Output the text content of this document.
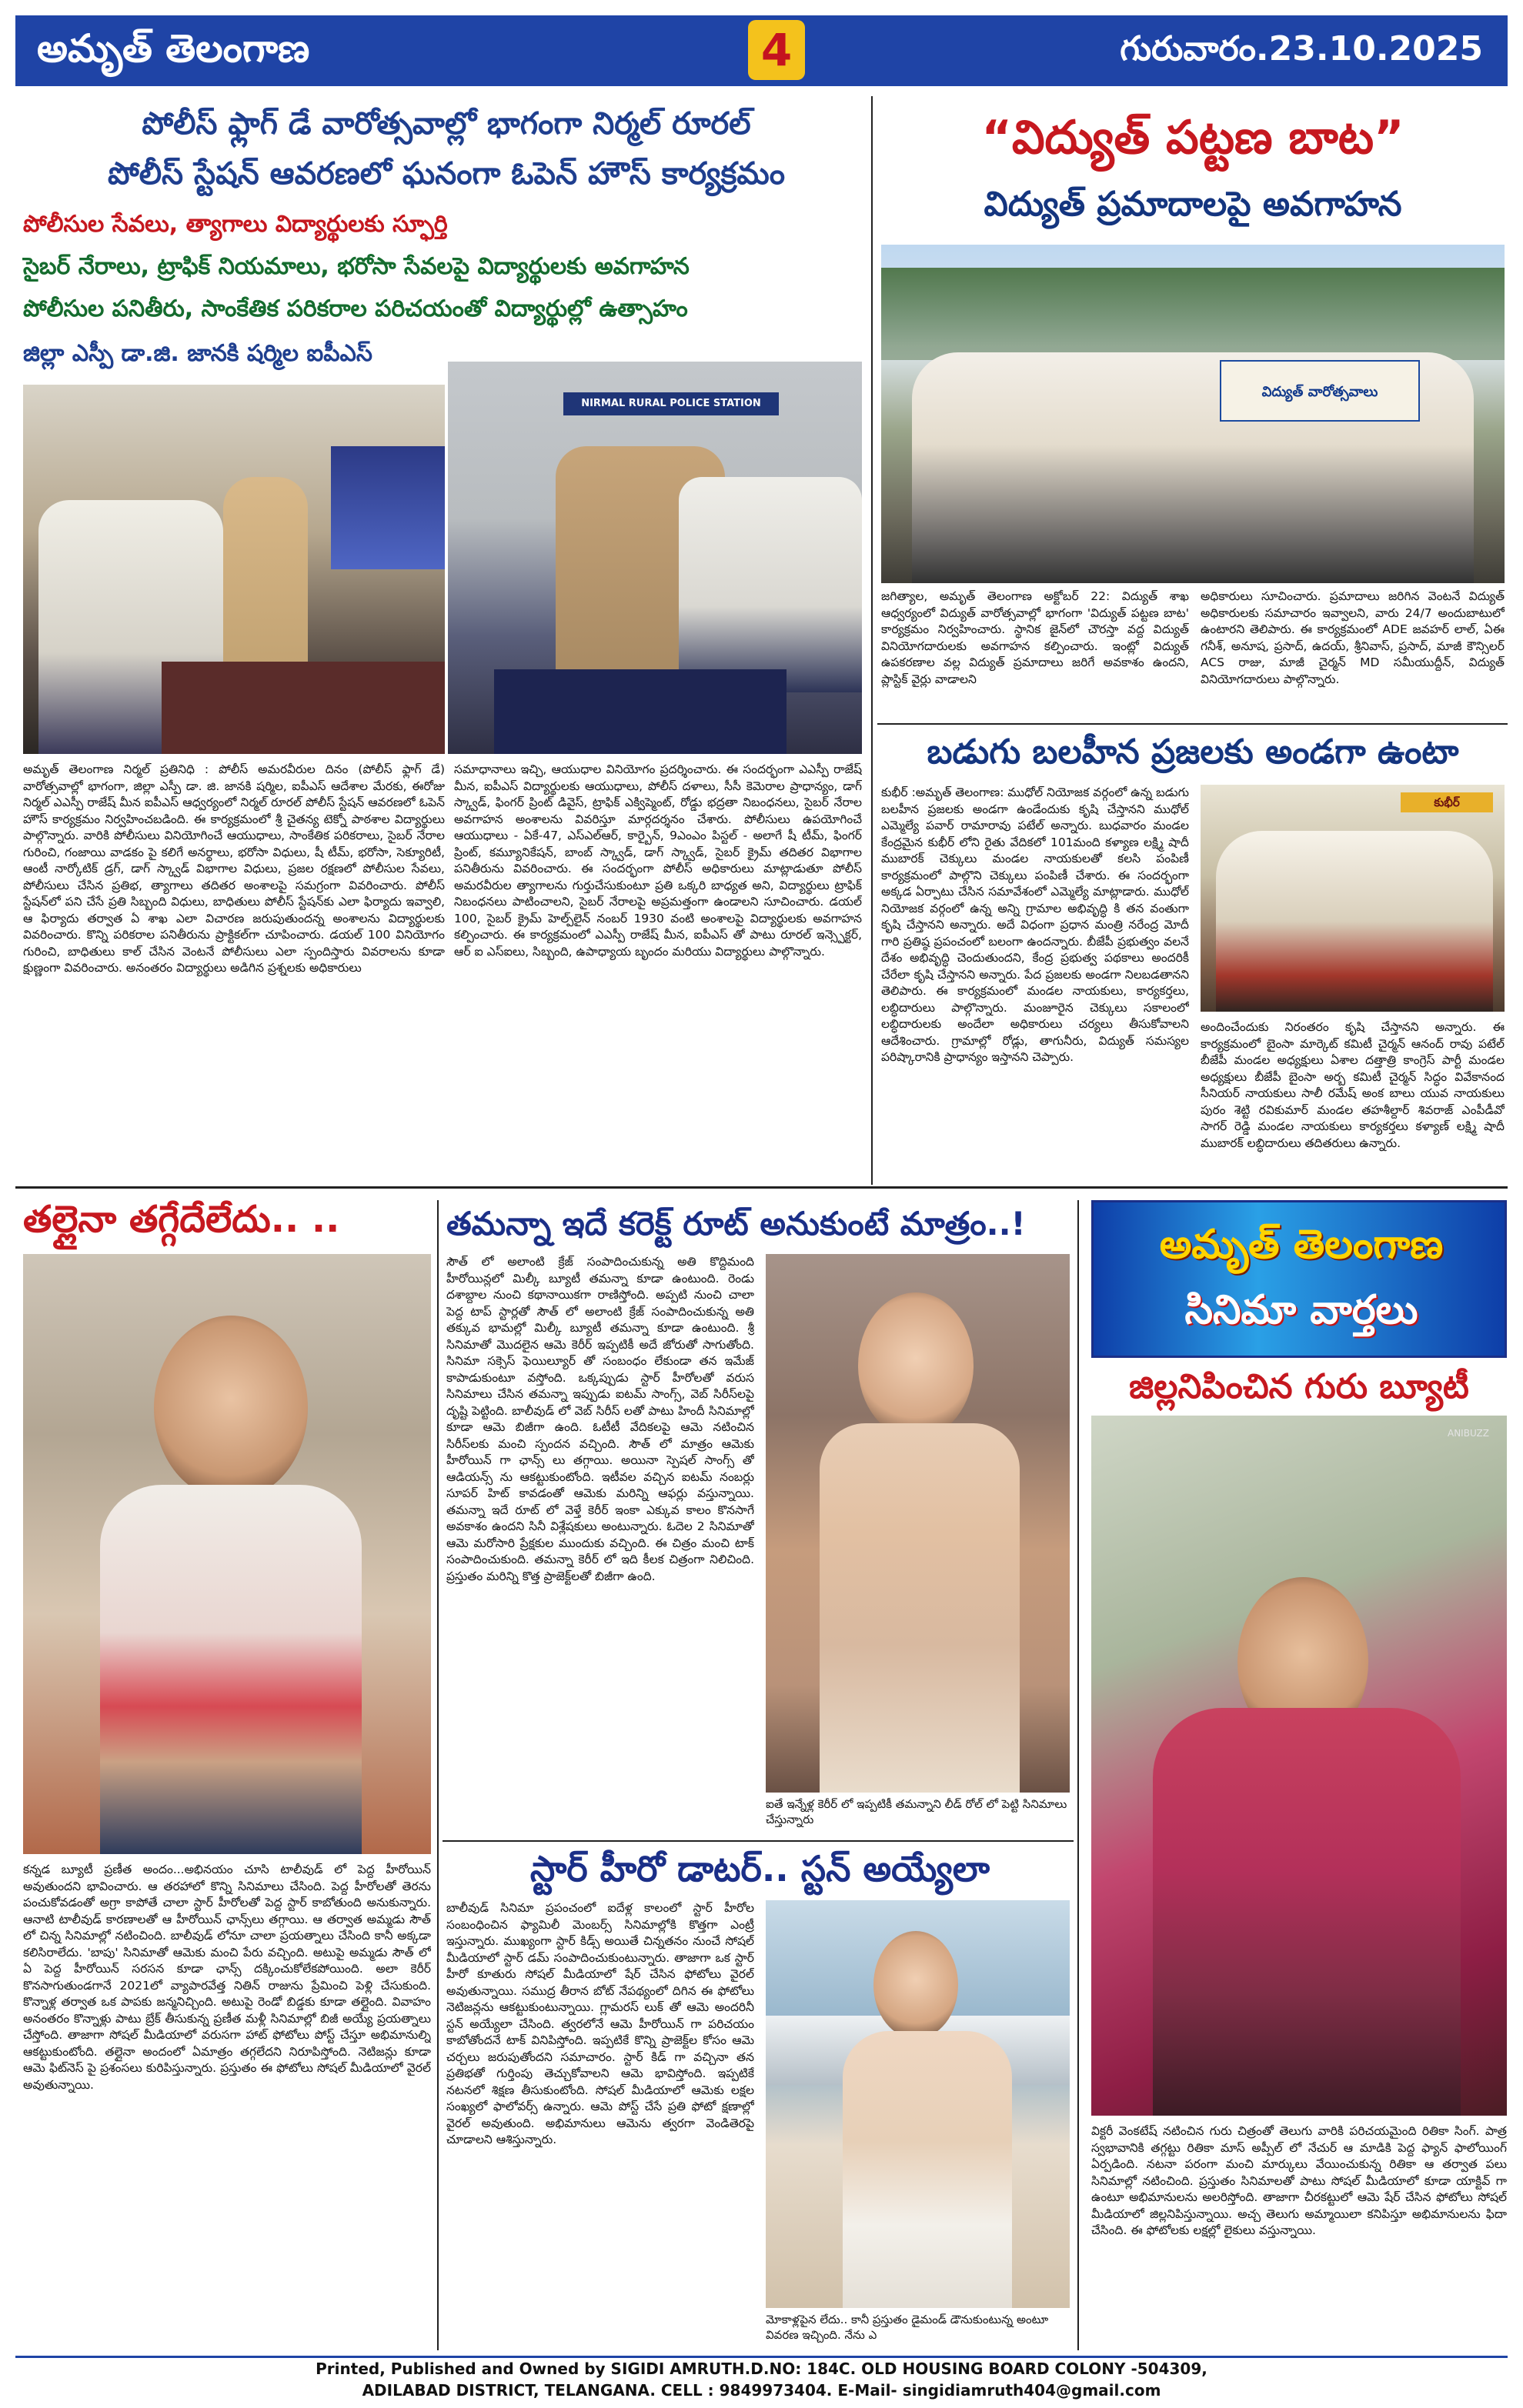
అమృత్ తెలంగాణ	4	గురువారం.23.10.2025
పోలీస్ ఫ్లాగ్ డే వారోత్సవాల్లో భాగంగా నిర్మల్ రూరల్
పోలీస్ స్టేషన్ ఆవరణలో ఘనంగా ఓపెన్ హౌస్ కార్యక్రమం
పోలీసుల సేవలు, త్యాగాలు విద్యార్థులకు స్ఫూర్తి
సైబర్ నేరాలు, ట్రాఫిక్ నియమాలు, భరోసా సేవలపై విద్యార్థులకు అవగాహన
పోలీసుల పనితీరు, సాంకేతిక పరికరాల పరిచయంతో విద్యార్థుల్లో ఉత్సాహం
జిల్లా ఎస్పీ డా.జి. జానకి షర్మిల ఐపీఎస్
NIRMAL RURAL POLICE STATION
అమృత్ తెలంగాణ నిర్మల్ ప్రతినిధి : పోలీస్ అమరవీరుల దినం (పోలీస్ ఫ్లాగ్ డే) వారోత్సవాల్లో భాగంగా, జిల్లా ఎస్పీ డా. జి. జానకి షర్మిల, ఐపీఎస్ ఆదేశాల మేరకు, ఈరోజు నిర్మల్ ఎఎస్పీ రాజేష్ మీన ఐపీఎస్ ఆధ్వర్యంలో నిర్మల్ రూరల్ పోలీస్ స్టేషన్ ఆవరణలో ఓపెన్ హౌస్ కార్యక్రమం నిర్వహించబడింది. ఈ కార్యక్రమంలో శ్రీ చైతన్య టెక్నో పాఠశాల విద్యార్థులు పాల్గొన్నారు. వారికి పోలీసులు వినియోగించే ఆయుధాలు, సాంకేతిక పరికరాలు, సైబర్ నేరాల గురించి, గంజాయి వాడకం పై కలిగే అనర్థాలు, భరోసా విధులు, షీ టీమ్, భరోసా, సెక్యూరిటీ, ఆంటీ నార్కోటిక్ డ్రగ్, డాగ్ స్క్వాడ్ విభాగాల విధులు, ప్రజల రక్షణలో పోలీసుల సేవలు, పోలీసులు చేసిన ప్రతిభ, త్యాగాలు తదితర అంశాలపై సమగ్రంగా వివరించారు. పోలీస్ స్టేషన్‌లో పని చేసే ప్రతి సిబ్బంది విధులు, బాధితులు పోలీస్ స్టేషన్‌కు ఎలా ఫిర్యాదు ఇవ్వాలి, ఆ ఫిర్యాదు తర్వాత ఏ శాఖ ఎలా విచారణ జరుపుతుందన్న అంశాలను విద్యార్థులకు వివరించారు. కొన్ని పరికరాల పనితీరును ప్రాక్టికల్‌గా చూపించారు. డయల్ 100 వినియోగం గురించి, బాధితులు కాల్ చేసిన వెంటనే పోలీసులు ఎలా స్పందిస్తారు వివరాలను కూడా క్షుణ్ణంగా వివరించారు. అనంతరం విద్యార్థులు అడిగిన ప్రశ్నలకు అధికారులు
సమాధానాలు ఇచ్చి, ఆయుధాల వినియోగం ప్రదర్శించారు. ఈ సందర్భంగా ఎఎస్పీ రాజేష్ మీన, ఐపీఎస్ విద్యార్థులకు ఆయుధాలు, పోలీస్ దళాలు, సీసీ కెమెరాల ప్రాధాన్యం, డాగ్ స్క్వాడ్, ఫింగర్ ప్రింట్ డివైస్, ట్రాఫిక్ ఎక్విప్మెంట్, రోడ్డు భద్రతా నిబంధనలు, సైబర్ నేరాల అవగాహన అంశాలను వివరిస్తూ మార్గదర్శనం చేశారు. పోలీసులు ఉపయోగించే ఆయుధాలు - ఏకే-47, ఎస్ఎల్ఆర్, కార్బైన్, 9ఎంఎం పిస్టల్ - అలాగే షీ టీమ్, ఫింగర్ ప్రింట్, కమ్యూనికేషన్, బాంబ్ స్క్వాడ్, డాగ్ స్క్వాడ్, సైబర్ క్రైమ్ తదితర విభాగాల పనితీరును వివరించారు. ఈ సందర్భంగా పోలీస్ అధికారులు మాట్లాడుతూ పోలీస్ అమరవీరుల త్యాగాలను గుర్తుచేసుకుంటూ ప్రతి ఒక్కరి బాధ్యత అని, విద్యార్థులు ట్రాఫిక్ నిబంధనలు పాటించాలని, సైబర్ నేరాలపై అప్రమత్తంగా ఉండాలని సూచించారు. డయల్ 100, సైబర్ క్రైమ్ హెల్ప్‌లైన్ నంబర్ 1930 వంటి అంశాలపై విద్యార్థులకు అవగాహన కల్పించారు. ఈ కార్యక్రమంలో ఎఎస్పీ రాజేష్ మీన, ఐపీఎస్ తో పాటు రూరల్ ఇన్స్పెక్టర్, ఆర్ ఐ ఎస్ఐలు, సిబ్బంది, ఉపాధ్యాయ బృందం మరియు విద్యార్థులు పాల్గొన్నారు.
“విద్యుత్ పట్టణ బాట”
విద్యుత్ ప్రమాదాలపై అవగాహన
విద్యుత్ వారోత్సవాలు
జగిత్యాల, అమృత్ తెలంగాణ అక్టోబర్ 22: విద్యుత్ శాఖ ఆధ్వర్యంలో విద్యుత్ వారోత్సవాల్లో భాగంగా 'విద్యుత్ పట్టణ బాట' కార్యక్రమం నిర్వహించారు. స్థానిక జైన్‌లో చౌరస్తా వద్ద విద్యుత్ వినియోగదారులకు అవగాహన కల్పించారు. ఇంట్లో విద్యుత్ ఉపకరణాల వల్ల విద్యుత్ ప్రమాదాలు జరిగే అవకాశం ఉందని, ప్లాస్టిక్ వైర్లు వాడాలని
అధికారులు సూచించారు. ప్రమాదాలు జరిగిన వెంటనే విద్యుత్ అధికారులకు సమాచారం ఇవ్వాలని, వారు 24/7 అందుబాటులో ఉంటారని తెలిపారు. ఈ కార్యక్రమంలో ADE జవహర్ లాల్, ఏఈ గనీశ్, అనూష, ప్రసాద్, ఉదయ్, శ్రీనివాస్, ప్రసాద్, మాజీ కౌన్సిలర్ ACS రాజు, మాజీ చైర్మన్ MD సమీయుద్దీన్, విద్యుత్ వినియోగదారులు పాల్గొన్నారు.
బడుగు బలహీన ప్రజలకు అండగా ఉంటా
కుభీర్ :అమృత్ తెలంగాణ: ముధోల్ నియోజక వర్గంలో ఉన్న బడుగు బలహీన ప్రజలకు అండగా ఉండేందుకు కృషి చేస్తానని ముధోల్ ఎమ్మెల్యే పవార్ రామారావు పటేల్ అన్నారు. బుధవారం మండల కేంద్రమైన కుభీర్ లోని రైతు వేదికలో 101మంది కళ్యాణ లక్ష్మి షాదీ ముబారక్ చెక్కులు మండల నాయకులతో కలసి పంపిణీ కార్యక్రమంలో పాల్గొని చెక్కులు పంపిణీ చేశారు. ఈ సందర్భంగా అక్కడ ఏర్పాటు చేసిన సమావేశంలో ఎమ్మెల్యే మాట్లాడారు. ముధోల్ నియోజక వర్గంలో ఉన్న అన్ని గ్రామాల అభివృద్ధి కి తన వంతుగా కృషి చేస్తానని అన్నారు. అదే విధంగా ప్రధాన మంత్రి నరేంద్ర మోదీ గారి ప్రతిష్ఠ ప్రపంచంలో బలంగా ఉందన్నారు. బీజేపీ ప్రభుత్వం వలనే దేశం అభివృద్ధి చెందుతుందని, కేంద్ర ప్రభుత్వ పథకాలు అందరికీ చేరేలా కృషి చేస్తానని అన్నారు. పేద ప్రజలకు అండగా నిలబడతానని తెలిపారు. ఈ కార్యక్రమంలో మండల నాయకులు, కార్యకర్తలు, లబ్ధిదారులు పాల్గొన్నారు. మంజూరైన చెక్కులు సకాలంలో లబ్ధిదారులకు అందేలా అధికారులు చర్యలు తీసుకోవాలని ఆదేశించారు. గ్రామాల్లో రోడ్లు, తాగునీరు, విద్యుత్ సమస్యల పరిష్కారానికి ప్రాధాన్యం ఇస్తానని చెప్పారు.
కుభీర్
అందించేందుకు నిరంతరం కృషి చేస్తానని అన్నారు. ఈ కార్యక్రమంలో బైంసా మార్కెట్ కమిటీ చైర్మన్ ఆనంద్ రావు పటేల్ బీజేపీ మండల అధ్యక్షులు ఏశాల దత్తాత్రి కాంగ్రెస్ పార్టీ మండల అధ్యక్షులు బీజేపీ బైంసా అర్బ కమిటీ చైర్మన్ సిద్ధం వివేకానంద సీనియర్ నాయకులు సాలీ రమేష్ అంక బాలు యువ నాయకులు పురం శెట్టి రవికుమార్ మండల తహశీల్దార్ శివరాజ్ ఎంపీడీవో సాగర్ రెడ్డి మండల నాయకులు కార్యకర్తలు కళ్యాణ్ లక్ష్మి షాదీ ముబారక్ లబ్ధిదారులు తదితరులు ఉన్నారు.
తల్లైనా తగ్గేదేలేదు.. ..
కన్నడ బ్యూటీ ప్రణీత అందం...అభినయం చూసి టాలీవుడ్ లో పెద్ద హీరోయిన్ అవుతుందని భావించారు. ఆ తరహాలో కొన్ని సినిమాలు చేసింది. పెద్ద హీరోలతో తెరను పంచుకోవడంతో అగ్రా కాపోతే చాలా స్టార్ హీరోలతో పెద్ద స్టార్ కాబోతుంది అనుకున్నారు. ఆనాటి టాలీవుడ్ కారణాలతో ఆ హీరోయిన్ ఛాన్స్‌లు తగ్గాయి. ఆ తర్వాత అమ్మడు సౌత్ లో చిన్న సినిమాల్లో నటించింది. బాలీవుడ్ లోనూ చాలా ప్రయత్నాలు చేసింది కానీ అక్కడా కలిసిరాలేదు. 'బాపు' సినిమాతో ఆమెకు మంచి పేరు వచ్చింది. అటుపై అమ్మడు సౌత్ లో ఏ పెద్ద హీరోయిన్ సరసన కూడా ఛాన్స్ దక్కించుకోలేకపోయింది. అలా కెరీర్ కొనసాగుతుండగానే 2021లో వ్యాపారవేత్త నితిన్ రాజును ప్రేమించి పెళ్లి చేసుకుంది. కొన్నాళ్ల తర్వాత ఒక పాపకు జన్మనిచ్చింది. అటుపై రెండో బిడ్డకు కూడా తల్లైంది. వివాహం అనంతరం కొన్నాళ్లు పాటు బ్రేక్ తీసుకున్న ప్రణీత మళ్లీ సినిమాల్లో బిజీ అయ్యే ప్రయత్నాలు చేస్తోంది. తాజాగా సోషల్ మీడియాలో వరుసగా హాట్ ఫోటోలు పోస్ట్ చేస్తూ అభిమానుల్ని ఆకట్టుకుంటోంది. తల్లైనా అందంలో ఏమాత్రం తగ్గలేదని నిరూపిస్తోంది. నెటిజన్లు కూడా ఆమె ఫిట్‌నెస్ పై ప్రశంసలు కురిపిస్తున్నారు. ప్రస్తుతం ఈ ఫోటోలు సోషల్ మీడియాలో వైరల్ అవుతున్నాయి.
తమన్నా ఇదే కరెక్ట్ రూట్ అనుకుంటే మాత్రం..!
సౌత్ లో అలాంటి క్రేజ్ సంపాదించుకున్న అతి కొద్దిమంది హీరోయిన్లలో మిల్కీ బ్యూటీ తమన్నా కూడా ఉంటుంది. రెండు దశాబ్దాల నుంచి కథానాయికగా రాణిస్తోంది. అప్పటి నుంచి చాలా పెద్ద టాప్ స్టార్లతో సౌత్ లో అలాంటి క్రేజ్ సంపాదించుకున్న అతి తక్కువ భామల్లో మిల్కీ బ్యూటీ తమన్నా కూడా ఉంటుంది. శ్రీ సినిమాతో మొదలైన ఆమె కెరీర్ ఇప్పటికీ అదే జోరుతో సాగుతోంది. సినిమా సక్సెస్ ఫెయిల్యూర్ తో సంబంధం లేకుండా తన ఇమేజ్ కాపాడుకుంటూ వస్తోంది. ఒక్కప్పుడు స్టార్ హీరోలతో వరుస సినిమాలు చేసిన తమన్నా ఇప్పుడు ఐటమ్ సాంగ్స్, వెబ్ సిరీస్‌లపై దృష్టి పెట్టింది. బాలీవుడ్ లో వెబ్ సిరీస్ లతో పాటు హిందీ సినిమాల్లో కూడా ఆమె బిజీగా ఉంది. ఓటీటీ వేదికలపై ఆమె నటించిన సిరీస్‌లకు మంచి స్పందన వచ్చింది. సౌత్ లో మాత్రం ఆమెకు హీరోయిన్ గా ఛాన్స్ లు తగ్గాయి. అయినా స్పెషల్ సాంగ్స్ తో ఆడియన్స్ ను ఆకట్టుకుంటోంది. ఇటీవల వచ్చిన ఐటమ్ నంబర్లు సూపర్ హిట్ కావడంతో ఆమెకు మరిన్ని ఆఫర్లు వస్తున్నాయి. తమన్నా ఇదే రూట్ లో వెళ్తే కెరీర్ ఇంకా ఎక్కువ కాలం కొనసాగే అవకాశం ఉందని సినీ విశ్లేషకులు అంటున్నారు. ఓదెల 2 సినిమాతో ఆమె మరోసారి ప్రేక్షకుల ముందుకు వచ్చింది. ఈ చిత్రం మంచి టాక్ సంపాదించుకుంది. తమన్నా కెరీర్ లో ఇది కీలక చిత్రంగా నిలిచింది. ప్రస్తుతం మరిన్ని కొత్త ప్రాజెక్ట్‌లతో బిజీగా ఉంది.
ఐతే ఇన్నేళ్ల కెరీర్ లో ఇప్పటికీ తమన్నాని లీడ్ రోల్ లో పెట్టి సినిమాలు చేస్తున్నారు
స్టార్ హీరో డాటర్.. స్టన్ అయ్యేలా
బాలీవుడ్ సినిమా ప్రపంచంలో ఐదేళ్ల కాలంలో స్టార్ హీరోల సంబంధించిన ఫ్యామిలీ మెంబర్స్ సినిమాల్లోకి కొత్తగా ఎంట్రీ ఇస్తున్నారు. ముఖ్యంగా స్టార్ కిడ్స్ అయితే చిన్నతనం నుంచే సోషల్ మీడియాలో స్టార్ డమ్ సంపాదించుకుంటున్నారు. తాజాగా ఒక స్టార్ హీరో కూతురు సోషల్ మీడియాలో షేర్ చేసిన ఫోటోలు వైరల్ అవుతున్నాయి. సముద్ర తీరాన బోట్ నేపథ్యంలో దిగిన ఈ ఫోటోలు నెటిజన్లను ఆకట్టుకుంటున్నాయి. గ్లామరస్ లుక్ తో ఆమె అందరినీ స్టన్ అయ్యేలా చేసింది. త్వరలోనే ఆమె హీరోయిన్ గా పరిచయం కాబోతోందనే టాక్ వినిపిస్తోంది. ఇప్పటికే కొన్ని ప్రాజెక్ట్‌ల కోసం ఆమె చర్చలు జరుపుతోందని సమాచారం. స్టార్ కిడ్ గా వచ్చినా తన ప్రతిభతో గుర్తింపు తెచ్చుకోవాలని ఆమె భావిస్తోంది. ఇప్పటికే నటనలో శిక్షణ తీసుకుంటోంది. సోషల్ మీడియాలో ఆమెకు లక్షల సంఖ్యలో ఫాలోవర్స్ ఉన్నారు. ఆమె పోస్ట్ చేసే ప్రతి ఫోటో క్షణాల్లో వైరల్ అవుతుంది. అభిమానులు ఆమెను త్వరగా వెండితెరపై చూడాలని ఆశిస్తున్నారు.
మోకాళ్లపైన లేదు.. కానీ ప్రస్తుతం డైమండ్ డౌనుకుంటున్న అంటూ వివరణ ఇచ్చింది. నేను ఎ
అమృత్ తెలంగాణ
సినిమా వార్తలు
జిల్లనిపించిన గురు బ్యూటీ
ANIBUZZ
విక్టరీ వెంకటేష్ నటించిన గురు చిత్రంతో తెలుగు వారికి పరిచయమైంది రితికా సింగ్. పాత్ర స్వభావానికి తగ్గట్టు రితికా మాస్ అప్పీల్ లో నేచుర్ ఆ మాడికి పెద్ద ఫ్యాన్ ఫాలోయింగ్ ఏర్పడింది. నటనా పరంగా మంచి మార్కులు వేయించుకున్న రితికా ఆ తర్వాత పలు సినిమాల్లో నటించింది. ప్రస్తుతం సినిమాలతో పాటు సోషల్ మీడియాలో కూడా యాక్టివ్ గా ఉంటూ అభిమానులను అలరిస్తోంది. తాజాగా చీరకట్టులో ఆమె షేర్ చేసిన ఫోటోలు సోషల్ మీడియాలో జిల్లనిపిస్తున్నాయి. అచ్చ తెలుగు అమ్మాయిలా కనిపిస్తూ అభిమానులను ఫిదా చేసింది. ఈ ఫోటోలకు లక్షల్లో లైకులు వస్తున్నాయి.
Printed, Published and Owned by SIGIDI AMRUTH.D.NO: 184C. OLD HOUSING BOARD COLONY -504309,
ADILABAD DISTRICT, TELANGANA. CELL : 9849973404. E-Mail- singidiamruth404@gmail.com
